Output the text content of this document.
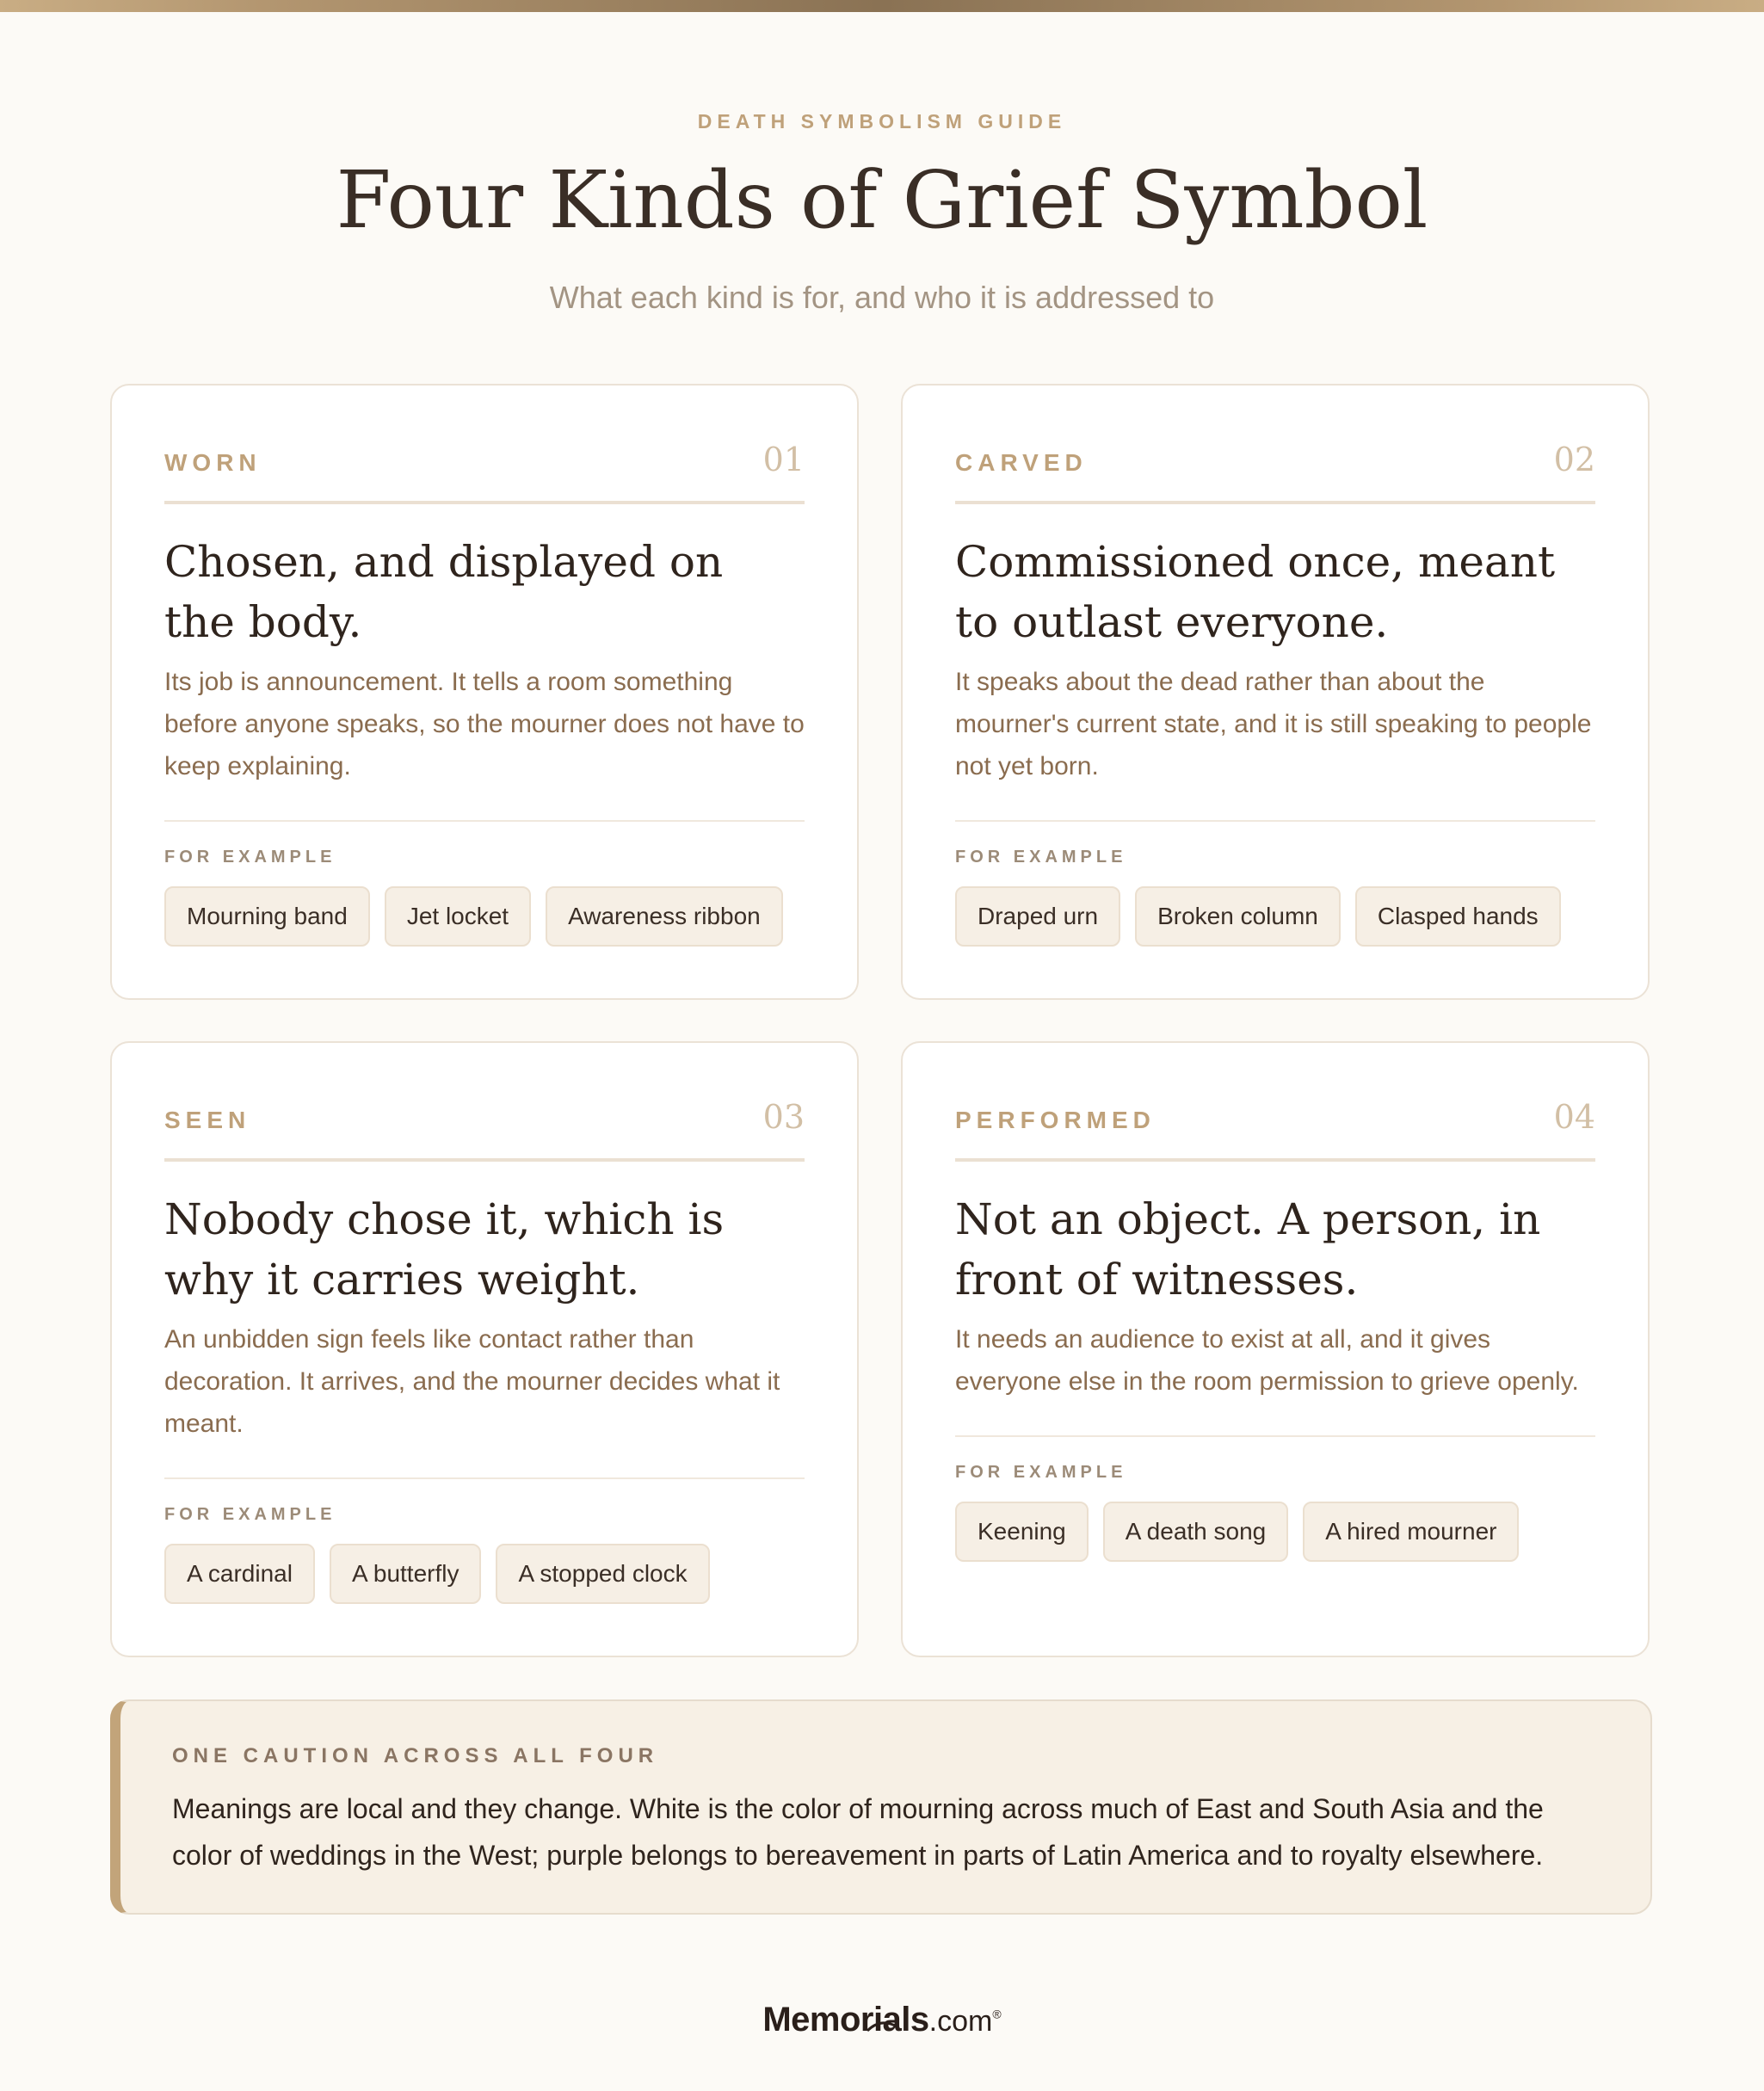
DEATH SYMBOLISM GUIDE
Four Kinds of Grief Symbol
What each kind is for, and who it is addressed to
WORN	01
Chosen, and displayed on the body.
Its job is announcement. It tells a room something before anyone speaks, so the mourner does not have to keep explaining.
FOR EXAMPLE
Mourning band	Jet locket	Awareness ribbon
CARVED	02
Commissioned once, meant to outlast everyone.
It speaks about the dead rather than about the mourner's current state, and it is still speaking to people not yet born.
FOR EXAMPLE
Draped urn	Broken column	Clasped hands
SEEN	03
Nobody chose it, which is why it carries weight.
An unbidden sign feels like contact rather than decoration. It arrives, and the mourner decides what it meant.
FOR EXAMPLE
A cardinal	A butterfly	A stopped clock
PERFORMED	04
Not an object. A person, in front of witnesses.
It needs an audience to exist at all, and it gives everyone else in the room permission to grieve openly.
FOR EXAMPLE
Keening	A death song	A hired mourner
ONE CAUTION ACROSS ALL FOUR
Meanings are local and they change. White is the color of mourning across much of East and South Asia and the color of weddings in the West; purple belongs to bereavement in parts of Latin America and to royalty elsewhere.
Memorials.com®
